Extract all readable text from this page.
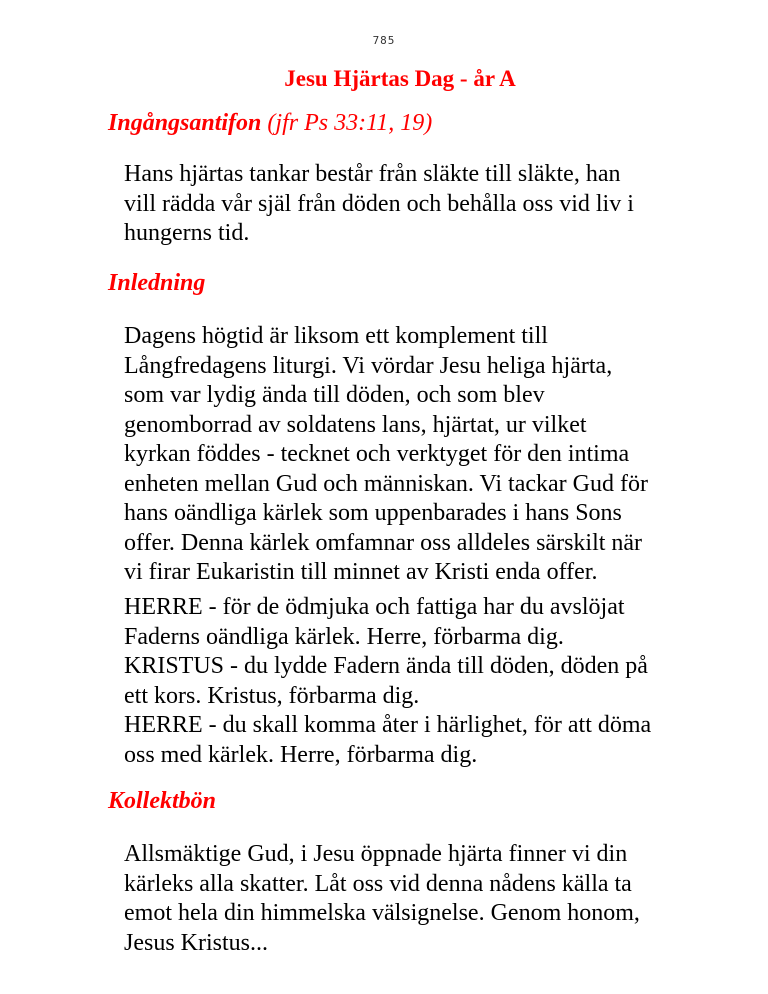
785
Jesu Hjärtas Dag - år A
Ingångsantifon (jfr Ps 33:11, 19)
Hans hjärtas tankar består från släkte till släkte, han
vill rädda vår själ från döden och behålla oss vid liv i
hungerns tid.
Inledning
Dagens högtid är liksom ett komplement till
Långfredagens liturgi. Vi vördar Jesu heliga hjärta,
som var lydig ända till döden, och som blev
genomborrad av soldatens lans, hjärtat, ur vilket
kyrkan föddes - tecknet och verktyget för den intima
enheten mellan Gud och människan. Vi tackar Gud för
hans oändliga kärlek som uppenbarades i hans Sons
offer. Denna kärlek omfamnar oss alldeles särskilt när
vi firar Eukaristin till minnet av Kristi enda offer.
HERRE - för de ödmjuka och fattiga har du avslöjat
Faderns oändliga kärlek. Herre, förbarma dig.
KRISTUS - du lydde Fadern ända till döden, döden på
ett kors. Kristus, förbarma dig.
HERRE - du skall komma åter i härlighet, för att döma
oss med kärlek. Herre, förbarma dig.
Kollektbön
Allsmäktige Gud, i Jesu öppnade hjärta finner vi din
kärleks alla skatter. Låt oss vid denna nådens källa ta
emot hela din himmelska välsignelse. Genom honom,
Jesus Kristus...
